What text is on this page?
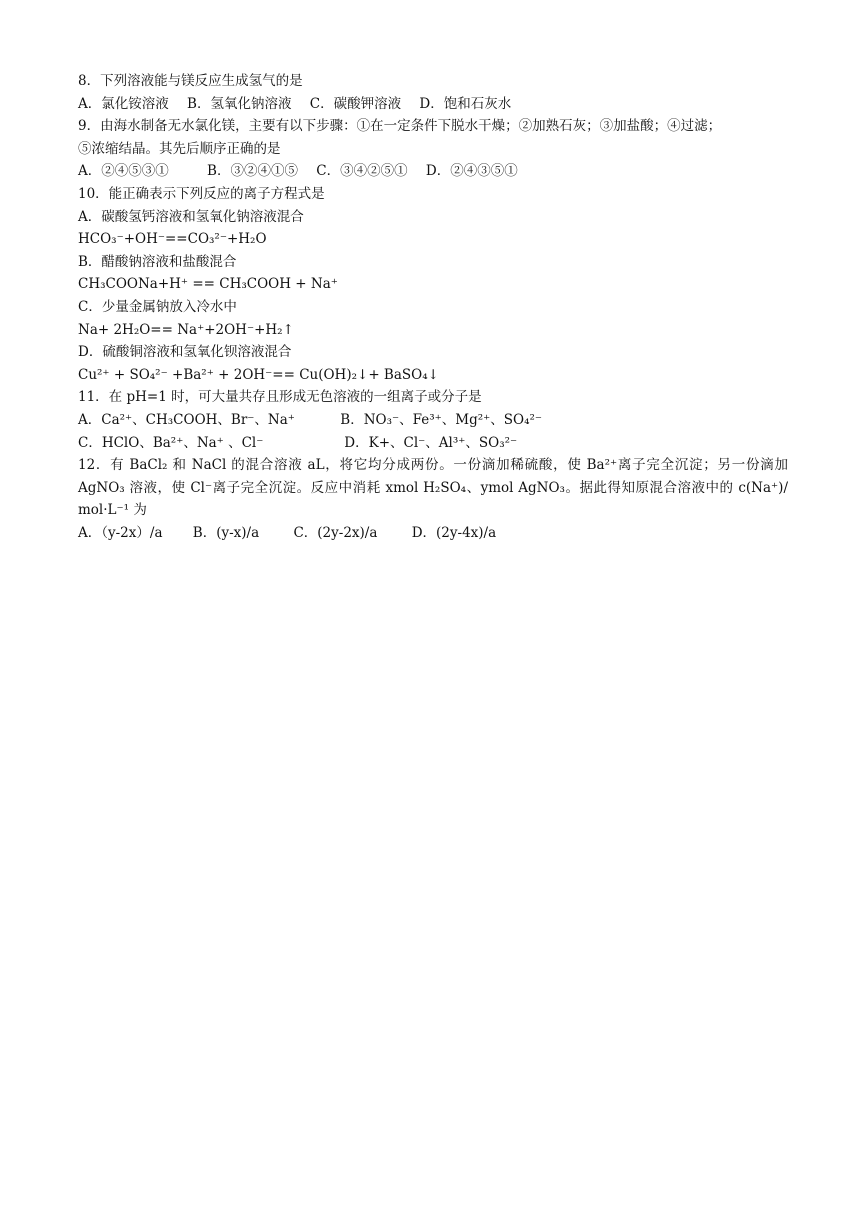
8．下列溶液能与镁反应生成氢气的是
A．氯化铵溶液 B．氢氧化钠溶液 C．碳酸钾溶液 D．饱和石灰水
9．由海水制备无水氯化镁，主要有以下步骤：①在一定条件下脱水干燥；②加熟石灰；③加盐酸；④过滤；
⑤浓缩结晶。其先后顺序正确的是
A．②④⑤③①	B．③②④①⑤ C．③④②⑤① D．②④③⑤①
10．能正确表示下列反应的离子方程式是
A．碳酸氢钙溶液和氢氧化钠溶液混合
HCO₃⁻+OH⁻==CO₃²⁻+H₂O
B．醋酸钠溶液和盐酸混合
CH₃COONa+H⁺ == CH₃COOH + Na⁺
C．少量金属钠放入冷水中
Na+ 2H₂O== Na⁺+2OH⁻+H₂↑
D．硫酸铜溶液和氢氧化钡溶液混合
Cu²⁺ + SO₄²⁻ +Ba²⁺ + 2OH⁻== Cu(OH)₂↓+ BaSO₄↓
11．在 pH=1 时，可大量共存且形成无色溶液的一组离子或分子是
A．Ca²⁺、CH₃COOH、Br⁻、Na⁺	B．NO₃⁻、Fe³⁺、Mg²⁺、SO₄²⁻
C．HClO、Ba²⁺、Na⁺ 、Cl⁻	D．K+、Cl⁻、Al³⁺、SO₃²⁻
12．有 BaCl₂ 和 NaCl 的混合溶液 aL，将它均分成两份。一份滴加稀硫酸，使 Ba²⁺离子完全沉淀；另一份滴加 AgNO₃ 溶液，使 Cl⁻离子完全沉淀。反应中消耗 xmol H₂SO₄、ymol AgNO₃。据此得知原混合溶液中的 c(Na⁺)/ mol·L⁻¹ 为
A．（y-2x）/a B．(y-x)/a	C．(2y-2x)/a	D．(2y-4x)/a
